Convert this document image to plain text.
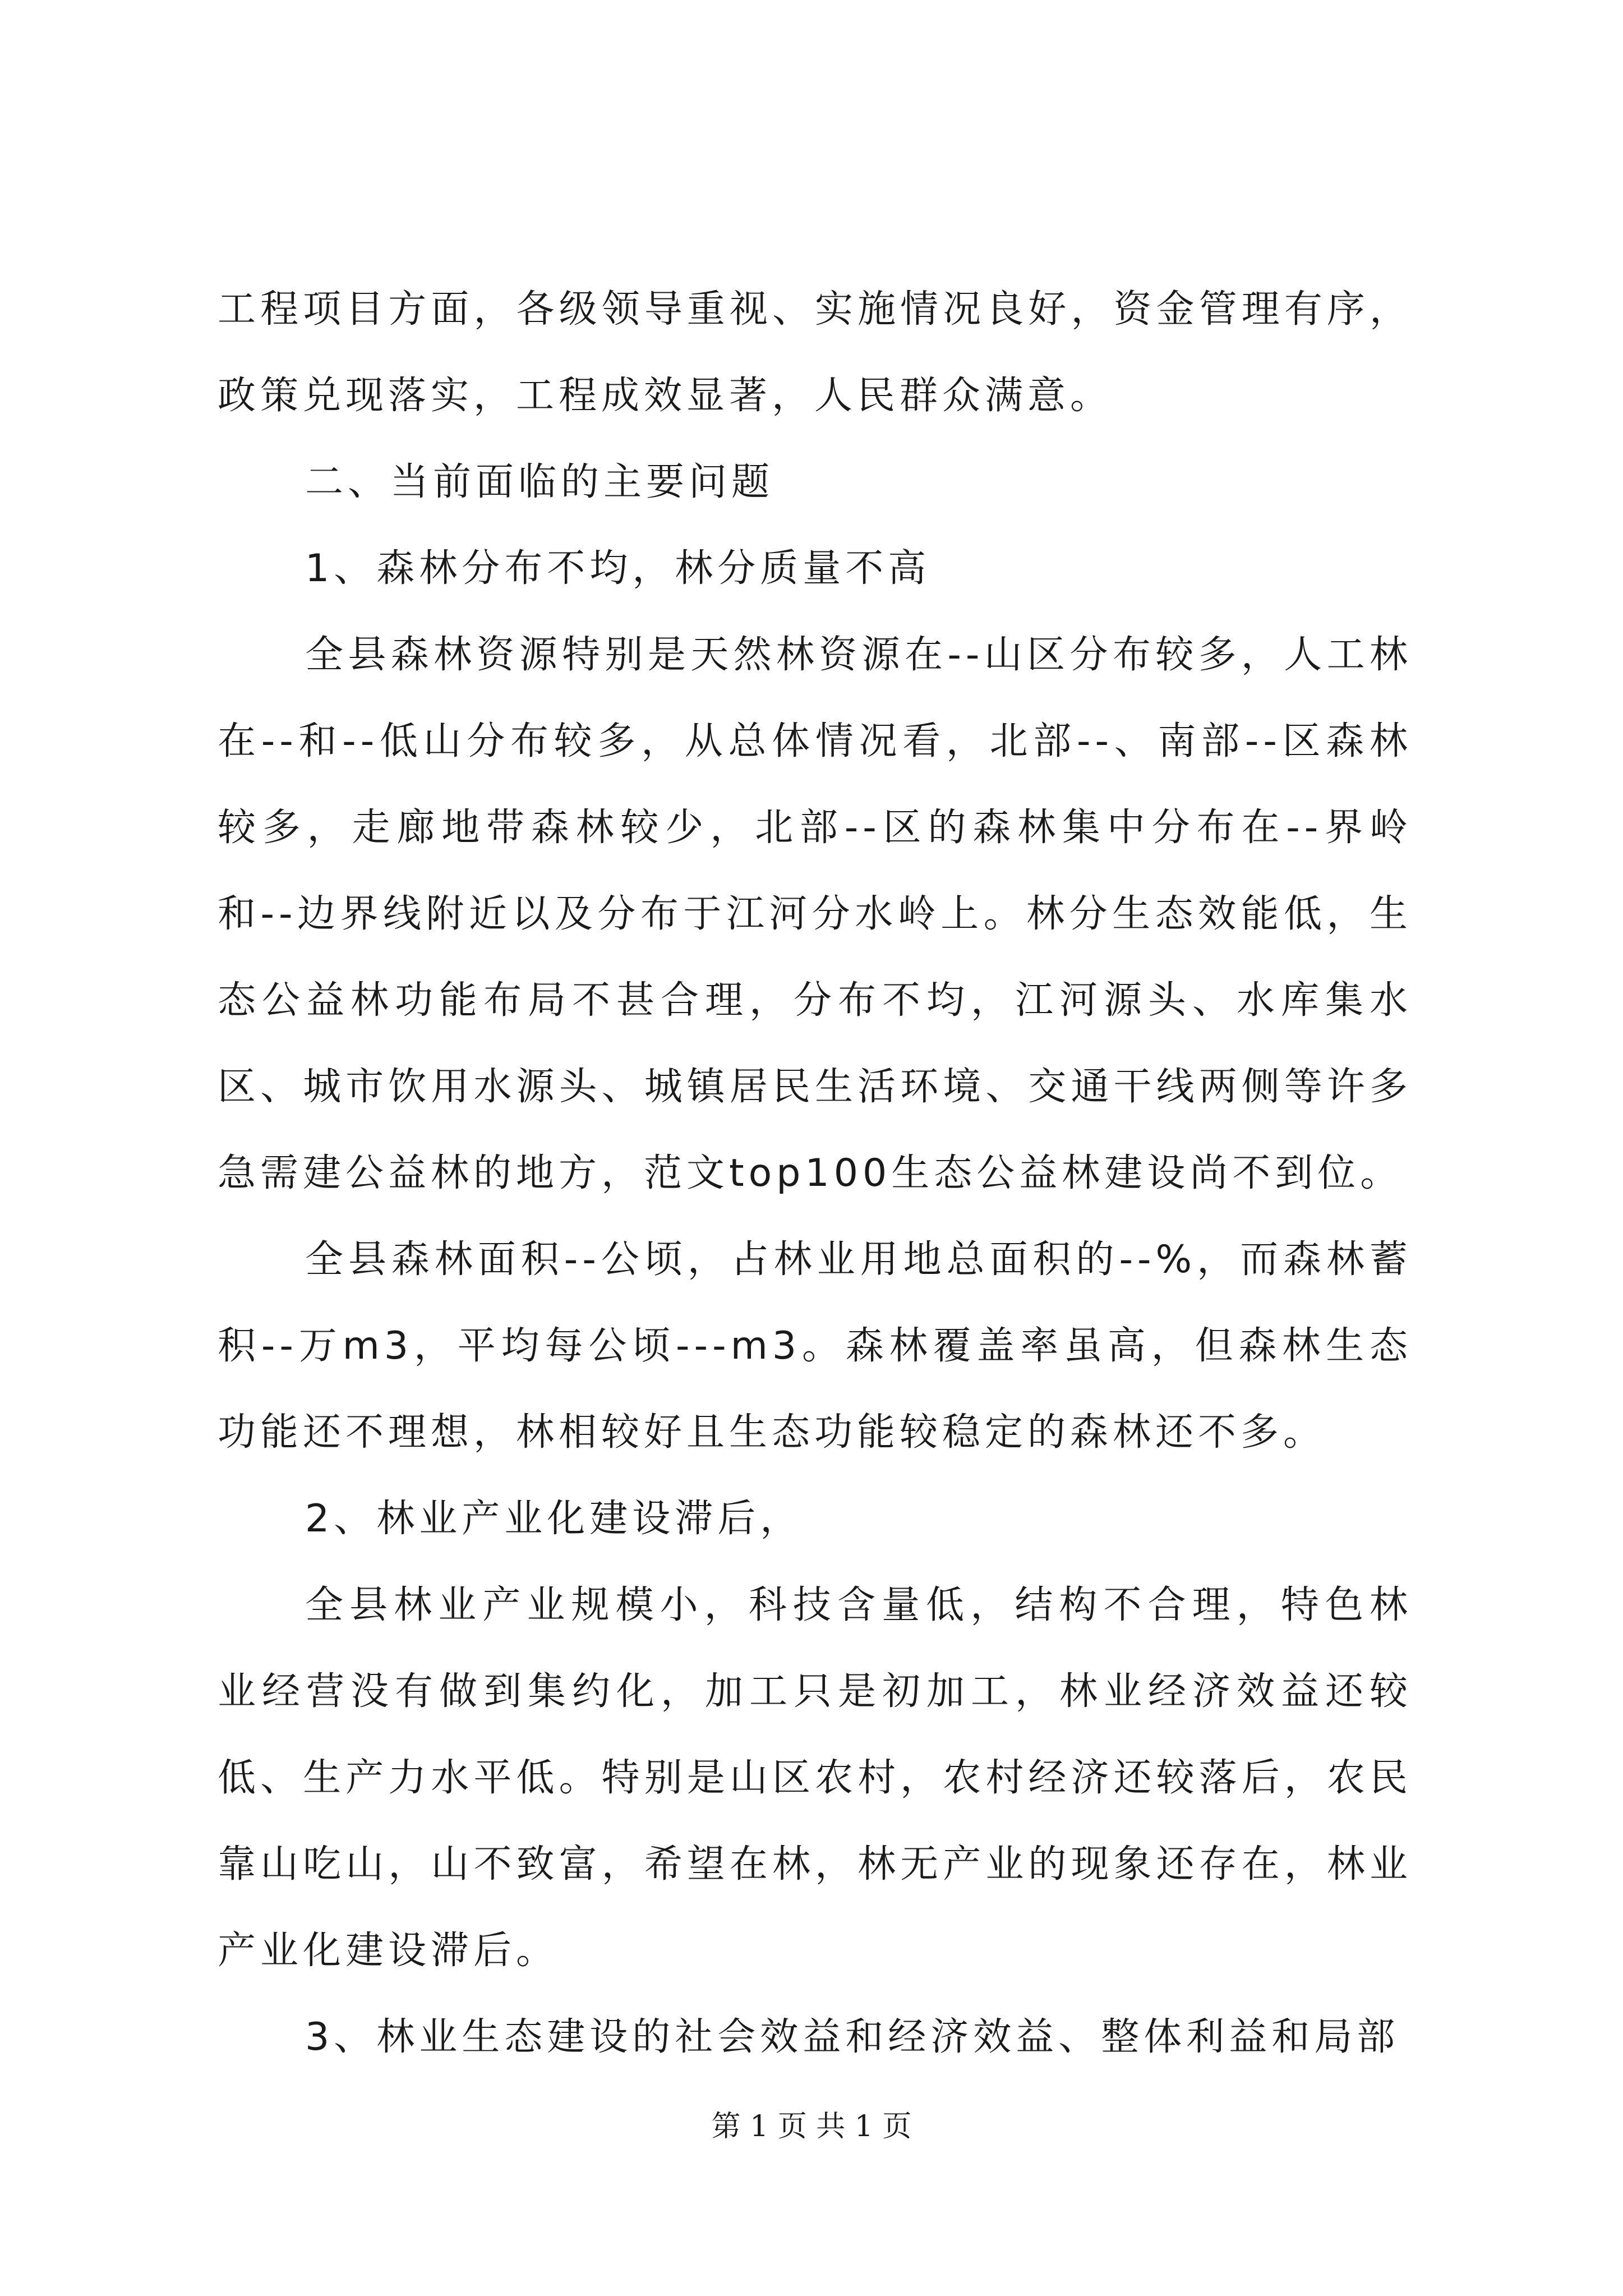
工程项目方面，各级领导重视、实施情况良好，资金管理有序，政策兑现落实，工程成效显著，人民群众满意。

二、当前面临的主要问题

1、森林分布不均，林分质量不高

全县森林资源特别是天然林资源在--山区分布较多，人工林在--和--低山分布较多，从总体情况看，北部--、南部--区森林较多，走廊地带森林较少，北部--区的森林集中分布在--界岭和--边界线附近以及分布于江河分水岭上。林分生态效能低，生态公益林功能布局不甚合理，分布不均，江河源头、水库集水区、城市饮用水源头、城镇居民生活环境、交通干线两侧等许多急需建公益林的地方，范文top100生态公益林建设尚不到位。

全县森林面积--公顷，占林业用地总面积的--%，而森林蓄积--万m3，平均每公顷---m3。森林覆盖率虽高，但森林生态功能还不理想，林相较好且生态功能较稳定的森林还不多。

2、林业产业化建设滞后，

全县林业产业规模小，科技含量低，结构不合理，特色林业经营没有做到集约化，加工只是初加工，林业经济效益还较低、生产力水平低。特别是山区农村，农村经济还较落后，农民靠山吃山，山不致富，希望在林，林无产业的现象还存在，林业产业化建设滞后。

3、林业生态建设的社会效益和经济效益、整体利益和局部

第 1 页 共 1 页
